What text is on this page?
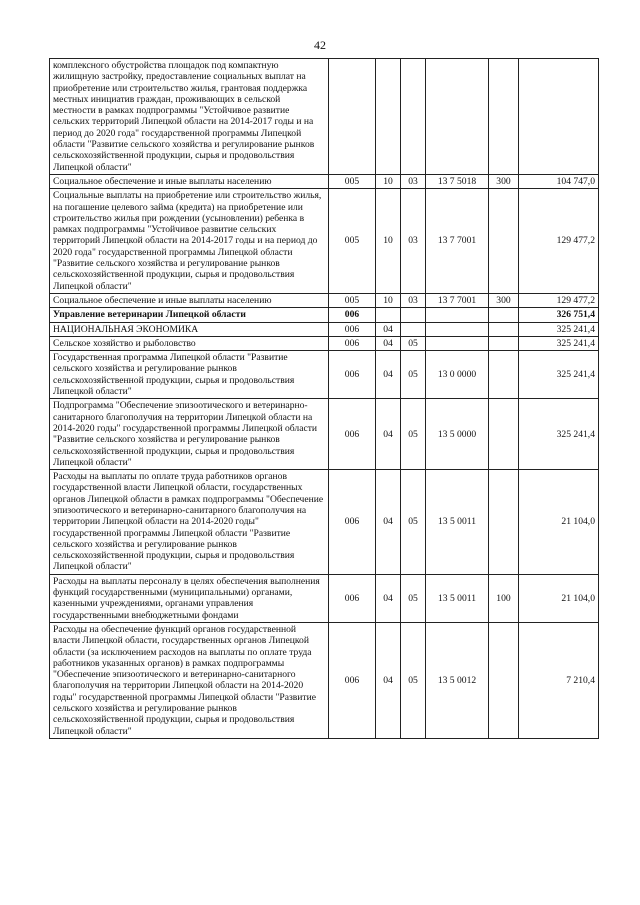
42
комплексного обустройства площадок под компактную жилищную застройку, предоставление социальных выплат на приобретение или строительство жилья, грантовая поддержка местных инициатив граждан, проживающих в сельской местности в рамках подпрограммы "Устойчивое развитие сельских территорий Липецкой области на 2014-2017 годы и на период до 2020 года" государственной программы Липецкой области "Развитие сельского хозяйства и регулирование рынков сельскохозяйственной продукции, сырья и продовольствия Липецкой области"						
Социальное обеспечение и иные выплаты населению	005	10	03	13 7 5018	300	104 747,0
Социальные выплаты на приобретение или строительство жилья, на погашение целевого займа (кредита) на приобретение или строительство жилья при рождении (усыновлении) ребенка в рамках подпрограммы "Устойчивое развитие сельских территорий Липецкой области на 2014-2017 годы и на период до 2020 года" государственной программы Липецкой области "Развитие сельского хозяйства и регулирование рынков сельскохозяйственной продукции, сырья и продовольствия Липецкой области"	005	10	03	13 7 7001		129 477,2
Социальное обеспечение и иные выплаты населению	005	10	03	13 7 7001	300	129 477,2
Управление ветеринарии Липецкой области	006					326 751,4
НАЦИОНАЛЬНАЯ ЭКОНОМИКА	006	04				325 241,4
Сельское хозяйство и рыболовство	006	04	05			325 241,4
Государственная программа Липецкой области "Развитие сельского хозяйства и регулирование рынков сельскохозяйственной продукции, сырья и продовольствия Липецкой области"	006	04	05	13 0 0000		325 241,4
Подпрограмма "Обеспечение эпизоотического и ветеринарно-санитарного благополучия на территории Липецкой области на 2014-2020 годы" государственной программы Липецкой области "Развитие сельского хозяйства и регулирование рынков сельскохозяйственной продукции, сырья и продовольствия Липецкой области"	006	04	05	13 5 0000		325 241,4
Расходы на выплаты по оплате труда работников органов государственной власти Липецкой области, государственных органов Липецкой области в рамках подпрограммы "Обеспечение эпизоотического и ветеринарно-санитарного благополучия на территории Липецкой области на 2014-2020 годы" государственной программы Липецкой области "Развитие сельского хозяйства и регулирование рынков сельскохозяйственной продукции, сырья и продовольствия Липецкой области"	006	04	05	13 5 0011		21 104,0
Расходы на выплаты персоналу в целях обеспечения выполнения функций государственными (муниципальными) органами, казенными учреждениями, органами управления государственными внебюджетными фондами	006	04	05	13 5 0011	100	21 104,0
Расходы на обеспечение функций органов государственной власти Липецкой области, государственных органов Липецкой области (за исключением расходов на выплаты по оплате труда работников указанных органов) в рамках подпрограммы "Обеспечение эпизоотического и ветеринарно-санитарного благополучия на территории Липецкой области на 2014-2020 годы" государственной программы Липецкой области "Развитие сельского хозяйства и регулирование рынков сельскохозяйственной продукции, сырья и продовольствия Липецкой области"	006	04	05	13 5 0012		7 210,4
